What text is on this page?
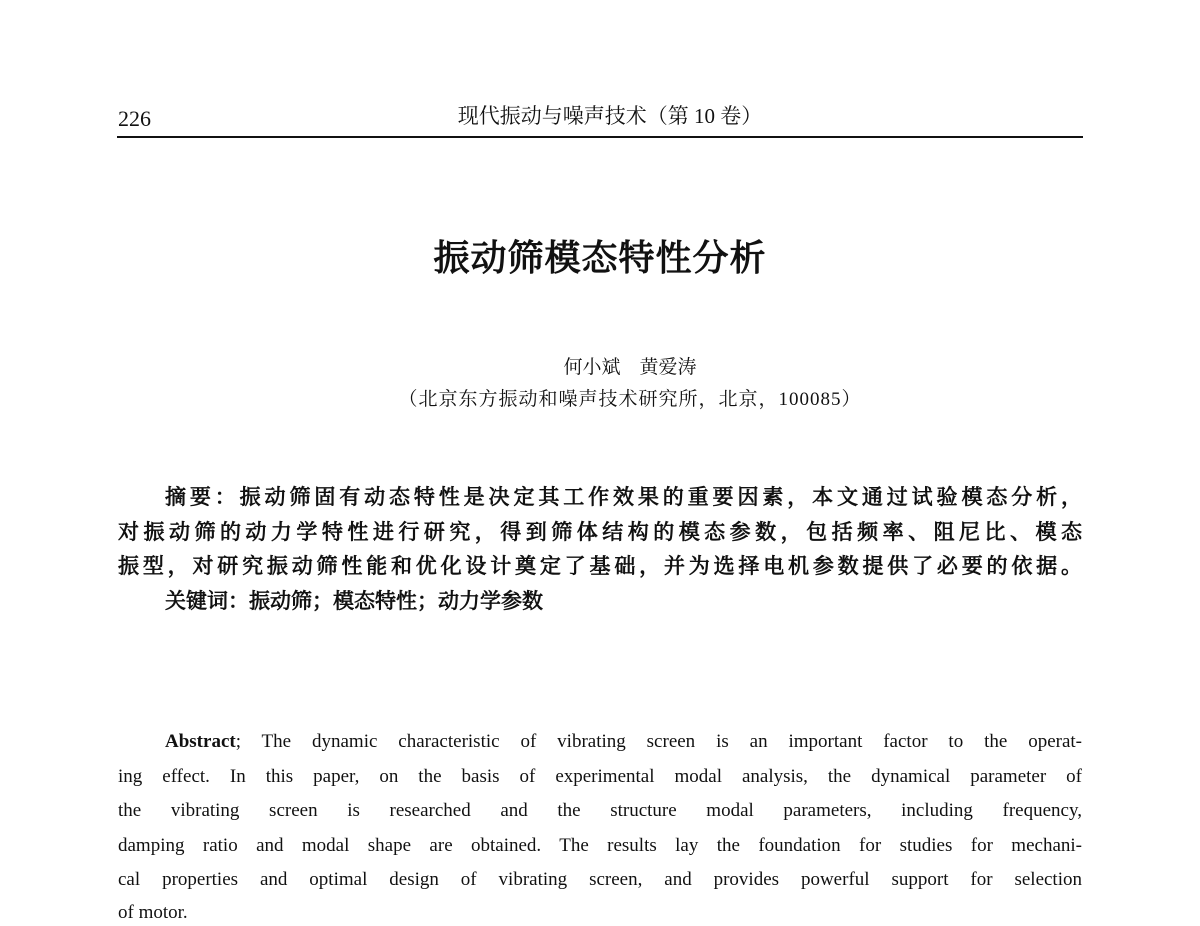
226	现代振动与噪声技术（第 10 卷）
振动筛模态特性分析
何小斌　黄爱涛
（北京东方振动和噪声技术研究所，北京，100085）
摘要：振动筛固有动态特性是决定其工作效果的重要因素，本文通过试验模态分析，
对振动筛的动力学特性进行研究，得到筛体结构的模态参数，包括频率、阻尼比、模态
振型，对研究振动筛性能和优化设计奠定了基础，并为选择电机参数提供了必要的依据。
关键词：振动筛；模态特性；动力学参数
Abstract; The dynamic characteristic of vibrating screen is an important factor to the operat-
ing effect. In this paper, on the basis of experimental modal analysis, the dynamical parameter of
the vibrating screen is researched and the structure modal parameters, including frequency,
damping ratio and modal shape are obtained. The results lay the foundation for studies for mechani-
cal properties and optimal design of vibrating screen, and provides powerful support for selection
of motor.
